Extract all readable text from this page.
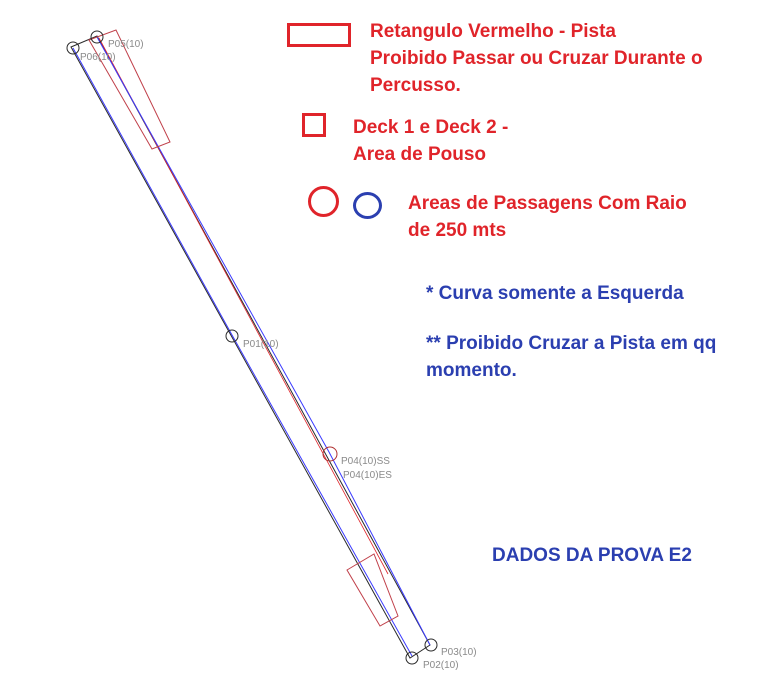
P05(10)
P06(10)
P01(10)
P04(10)SS
P04(10)ES
P03(10)
P02(10)
Retangulo Vermelho - Pista
Proibido Passar ou Cruzar Durante o
Percusso.
Deck 1 e Deck 2 -
Area de Pouso
Areas de Passagens Com Raio
de 250 mts
* Curva somente a Esquerda
** Proibido Cruzar a Pista em qq
momento.
DADOS DA PROVA E2
